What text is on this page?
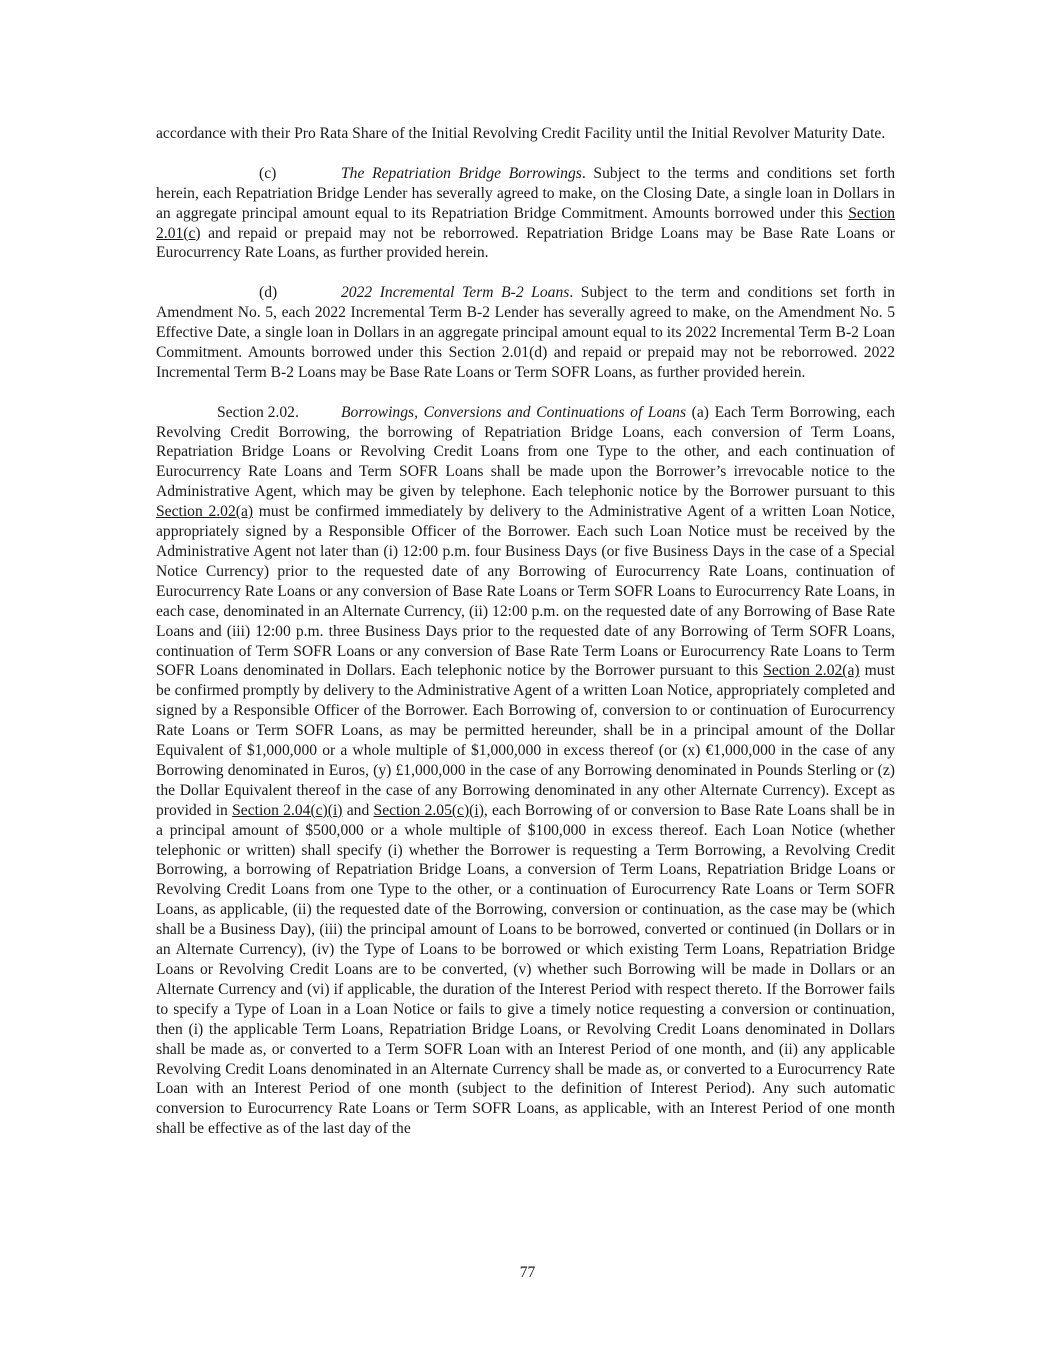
accordance with their Pro Rata Share of the Initial Revolving Credit Facility until the Initial Revolver Maturity Date.

(c)	The Repatriation Bridge Borrowings. Subject to the terms and conditions set forth herein, each Repatriation Bridge Lender has severally agreed to make, on the Closing Date, a single loan in Dollars in an aggregate principal amount equal to its Repatriation Bridge Commitment. Amounts borrowed under this Section 2.01(c) and repaid or prepaid may not be reborrowed. Repatriation Bridge Loans may be Base Rate Loans or Eurocurrency Rate Loans, as further provided herein.

(d)	2022 Incremental Term B-2 Loans. Subject to the term and conditions set forth in Amendment No. 5, each 2022 Incremental Term B-2 Lender has severally agreed to make, on the Amendment No. 5 Effective Date, a single loan in Dollars in an aggregate principal amount equal to its 2022 Incremental Term B-2 Loan Commitment. Amounts borrowed under this Section 2.01(d) and repaid or prepaid may not be reborrowed. 2022 Incremental Term B-2 Loans may be Base Rate Loans or Term SOFR Loans, as further provided herein.

Section 2.02.	Borrowings, Conversions and Continuations of Loans (a) Each Term Borrowing, each Revolving Credit Borrowing, the borrowing of Repatriation Bridge Loans, each conversion of Term Loans, Repatriation Bridge Loans or Revolving Credit Loans from one Type to the other, and each continuation of Eurocurrency Rate Loans and Term SOFR Loans shall be made upon the Borrower’s irrevocable notice to the Administrative Agent, which may be given by telephone. Each telephonic notice by the Borrower pursuant to this Section 2.02(a) must be confirmed immediately by delivery to the Administrative Agent of a written Loan Notice, appropriately signed by a Responsible Officer of the Borrower. Each such Loan Notice must be received by the Administrative Agent not later than (i) 12:00 p.m. four Business Days (or five Business Days in the case of a Special Notice Currency) prior to the requested date of any Borrowing of Eurocurrency Rate Loans, continuation of Eurocurrency Rate Loans or any conversion of Base Rate Loans or Term SOFR Loans to Eurocurrency Rate Loans, in each case, denominated in an Alternate Currency, (ii) 12:00 p.m. on the requested date of any Borrowing of Base Rate Loans and (iii) 12:00 p.m. three Business Days prior to the requested date of any Borrowing of Term SOFR Loans, continuation of Term SOFR Loans or any conversion of Base Rate Term Loans or Eurocurrency Rate Loans to Term SOFR Loans denominated in Dollars. Each telephonic notice by the Borrower pursuant to this Section 2.02(a) must be confirmed promptly by delivery to the Administrative Agent of a written Loan Notice, appropriately completed and signed by a Responsible Officer of the Borrower. Each Borrowing of, conversion to or continuation of Eurocurrency Rate Loans or Term SOFR Loans, as may be permitted hereunder, shall be in a principal amount of the Dollar Equivalent of $1,000,000 or a whole multiple of $1,000,000 in excess thereof (or (x) €1,000,000 in the case of any Borrowing denominated in Euros, (y) £1,000,000 in the case of any Borrowing denominated in Pounds Sterling or (z) the Dollar Equivalent thereof in the case of any Borrowing denominated in any other Alternate Currency). Except as provided in Section 2.04(c)(i) and Section 2.05(c)(i), each Borrowing of or conversion to Base Rate Loans shall be in a principal amount of $500,000 or a whole multiple of $100,000 in excess thereof. Each Loan Notice (whether telephonic or written) shall specify (i) whether the Borrower is requesting a Term Borrowing, a Revolving Credit Borrowing, a borrowing of Repatriation Bridge Loans, a conversion of Term Loans, Repatriation Bridge Loans or Revolving Credit Loans from one Type to the other, or a continuation of Eurocurrency Rate Loans or Term SOFR Loans, as applicable, (ii) the requested date of the Borrowing, conversion or continuation, as the case may be (which shall be a Business Day), (iii) the principal amount of Loans to be borrowed, converted or continued (in Dollars or in an Alternate Currency), (iv) the Type of Loans to be borrowed or which existing Term Loans, Repatriation Bridge Loans or Revolving Credit Loans are to be converted, (v) whether such Borrowing will be made in Dollars or an Alternate Currency and (vi) if applicable, the duration of the Interest Period with respect thereto. If the Borrower fails to specify a Type of Loan in a Loan Notice or fails to give a timely notice requesting a conversion or continuation, then (i) the applicable Term Loans, Repatriation Bridge Loans, or Revolving Credit Loans denominated in Dollars shall be made as, or converted to a Term SOFR Loan with an Interest Period of one month, and (ii) any applicable Revolving Credit Loans denominated in an Alternate Currency shall be made as, or converted to a Eurocurrency Rate Loan with an Interest Period of one month (subject to the definition of Interest Period). Any such automatic conversion to Eurocurrency Rate Loans or Term SOFR Loans, as applicable, with an Interest Period of one month shall be effective as of the last day of the

77
